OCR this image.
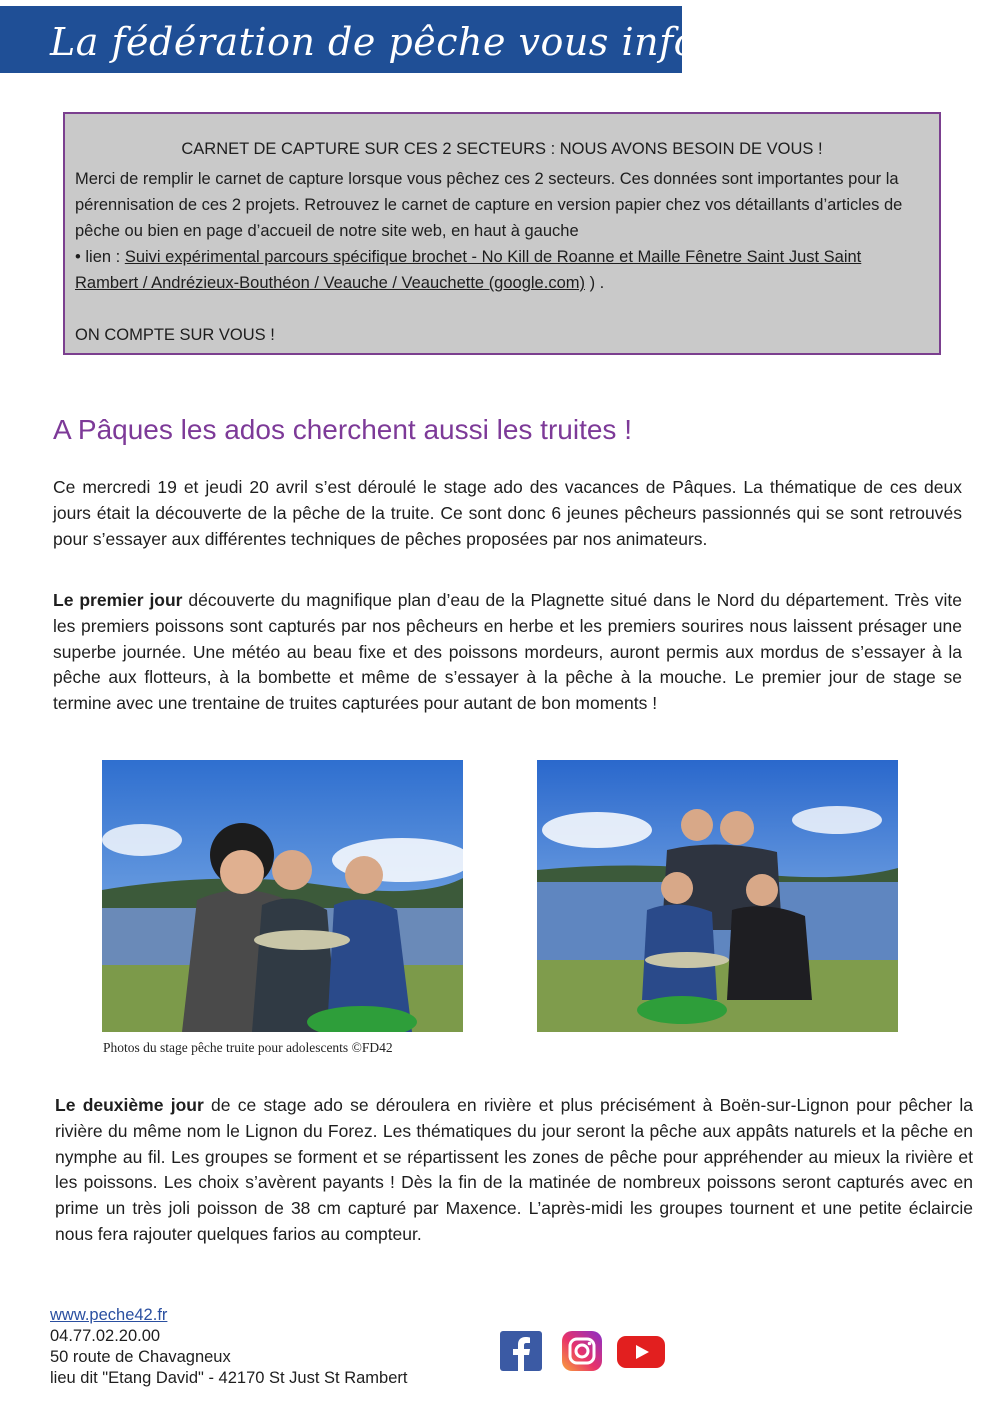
La fédération de pêche vous informe...

CARNET DE CAPTURE SUR CES 2 SECTEURS : NOUS AVONS BESOIN DE VOUS !

Merci de remplir le carnet de capture lorsque vous pêchez ces 2 secteurs. Ces données sont importantes pour la pérennisation de ces 2 projets. Retrouvez le carnet de capture en version papier chez vos détaillants d’articles de pêche ou bien en page d’accueil de notre site web, en haut à gauche
• lien : Suivi expérimental parcours spécifique brochet - No Kill de Roanne et Maille Fênetre Saint Just Saint Rambert / Andrézieux-Bouthéon / Veauche / Veauchette (google.com) ) .

ON COMPTE SUR VOUS !

A Pâques les ados cherchent aussi les truites !

Ce mercredi 19 et jeudi 20 avril s’est déroulé le stage ado des vacances de Pâques. La thématique de ces deux jours était la découverte de la pêche de la truite. Ce sont donc 6 jeunes pêcheurs passionnés qui se sont retrouvés pour s’essayer aux différentes techniques de pêches proposées par nos animateurs.

Le premier jour découverte du magnifique plan d’eau de la Plagnette situé dans le Nord du département. Très vite les premiers poissons sont capturés par nos pêcheurs en herbe et les premiers sourires nous laissent présager une superbe journée. Une météo au beau fixe et des poissons mordeurs, auront permis aux mordus de s’essayer à la pêche aux flotteurs, à la bombette et même de s’essayer à la pêche à la mouche. Le premier jour de stage se termine avec une trentaine de truites capturées pour autant de bon moments !

Photos du stage pêche truite pour adolescents ©FD42

Le deuxième jour de ce stage ado se déroulera en rivière et plus précisément à Boën-sur-Lignon pour pêcher la rivière du même nom le Lignon du Forez. Les thématiques du jour seront la pêche aux appâts naturels et la pêche en nymphe au fil. Les groupes se forment et se répartissent les zones de pêche pour appréhender au mieux la rivière et les poissons. Les choix s’avèrent payants ! Dès la fin de la matinée de nombreux poissons seront capturés avec en prime un très joli poisson de 38 cm capturé par Maxence. L’après-midi les groupes tournent et une petite éclaircie nous fera rajouter quelques farios au compteur.

www.peche42.fr
04.77.02.20.00
50 route de Chavagneux
lieu dit "Etang David" - 42170 St Just St Rambert
